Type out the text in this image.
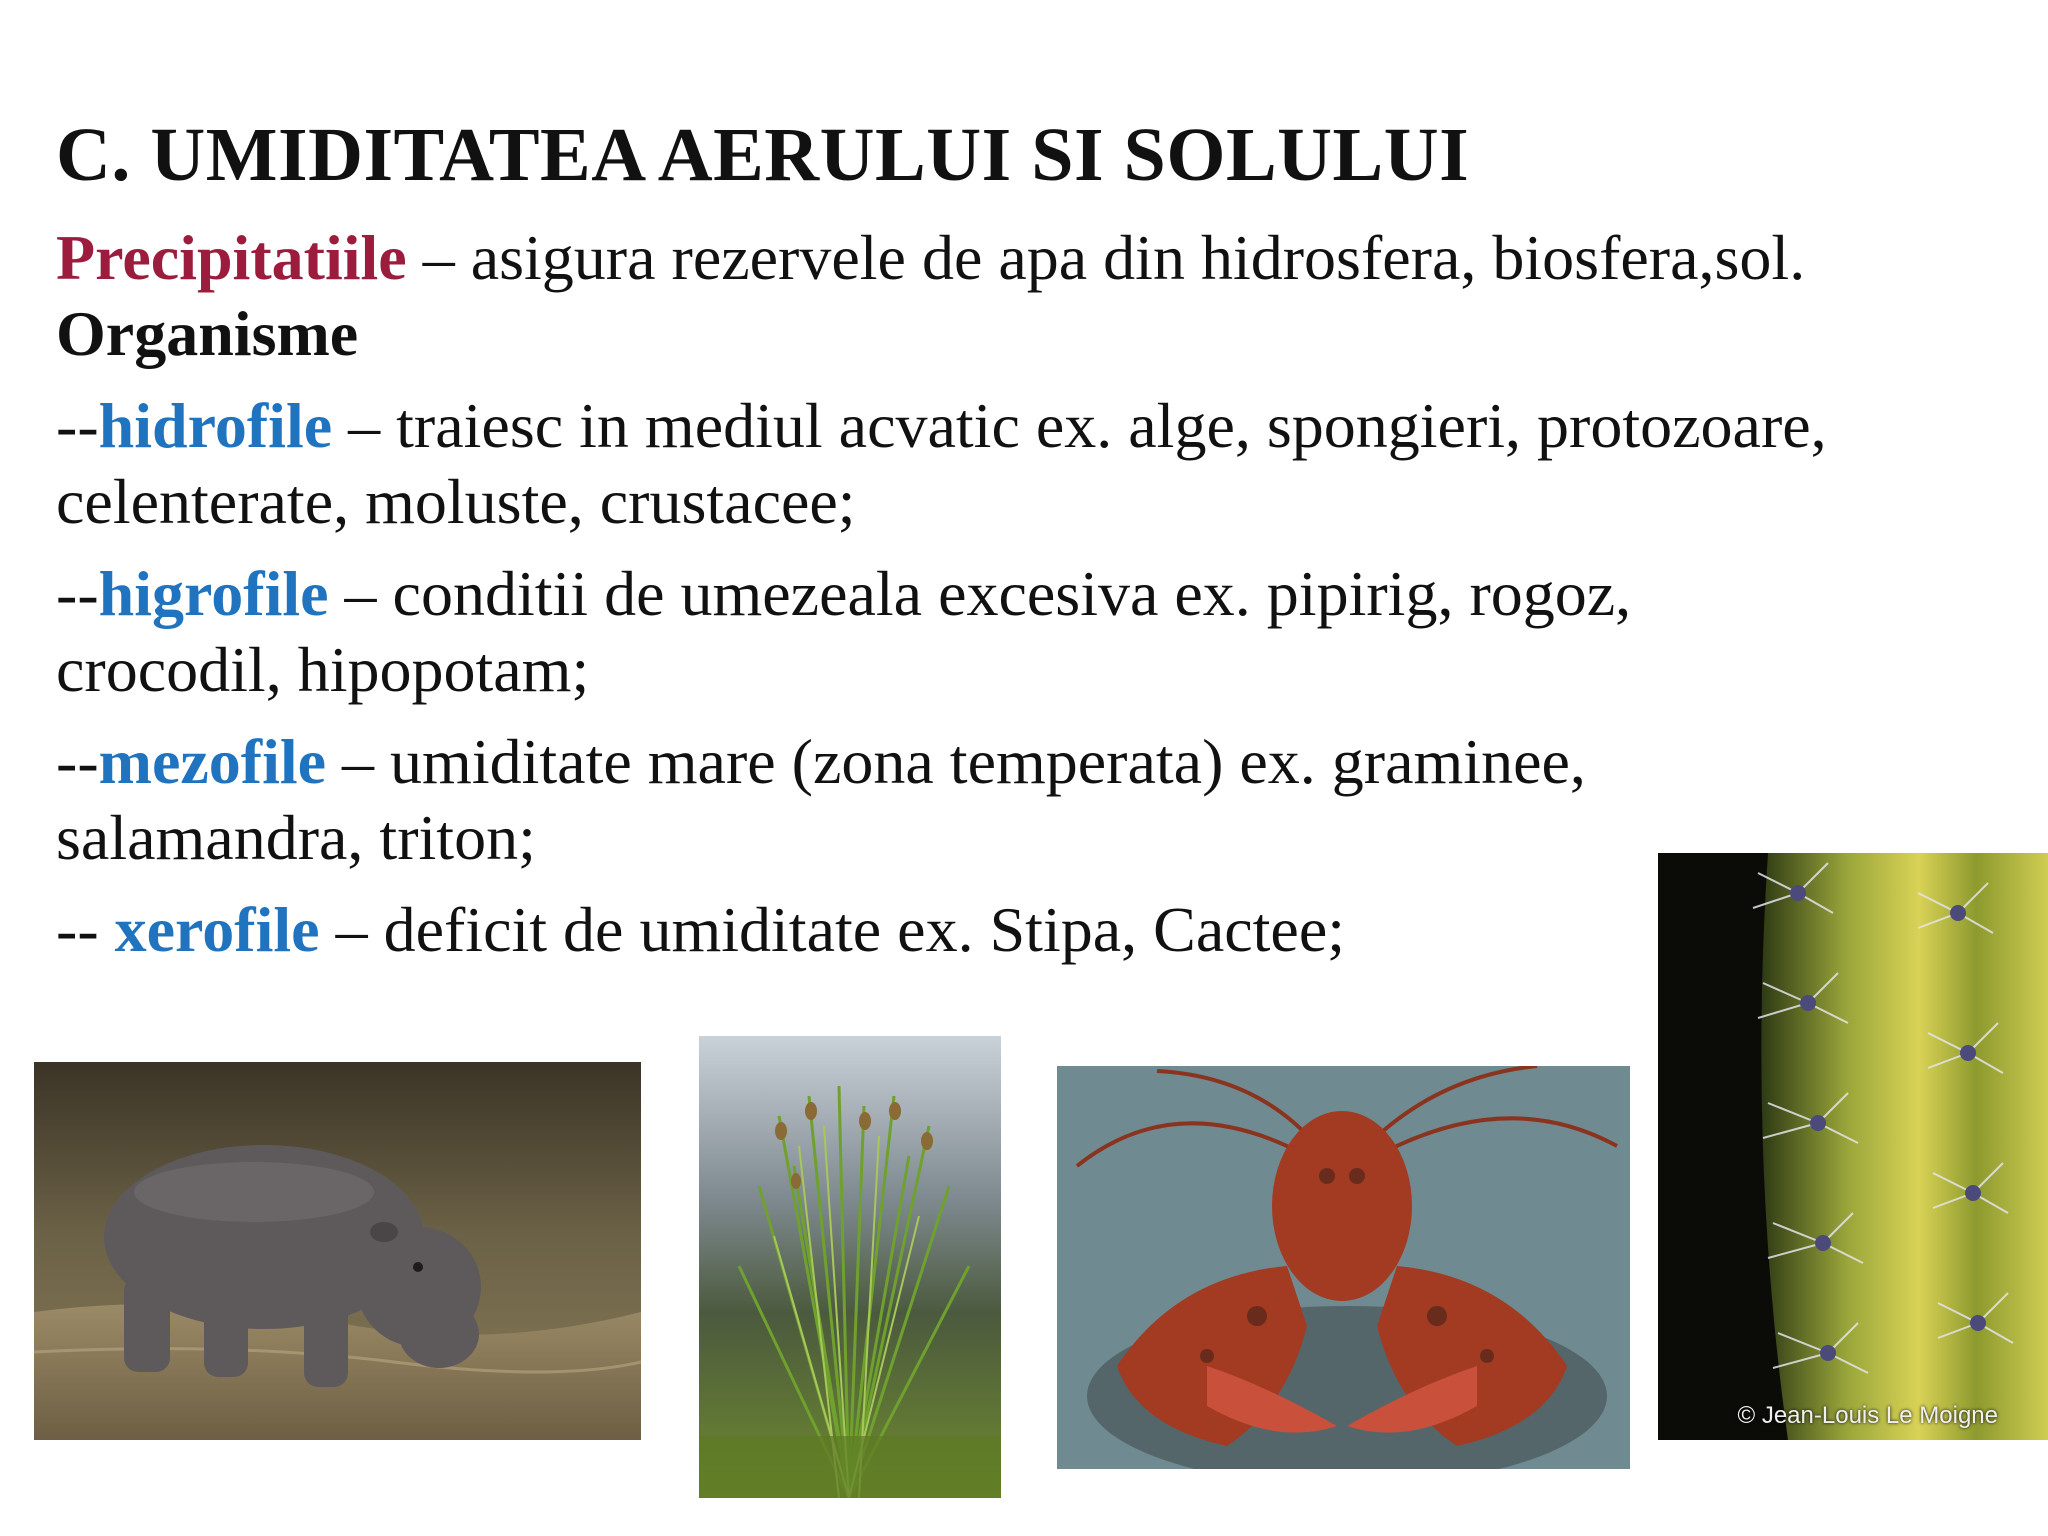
C. UMIDITATEA AERULUI SI SOLULUI
Precipitatiile – asigura rezervele de apa din hidrosfera, biosfera,sol.
Organisme
--hidrofile – traiesc in mediul acvatic ex. alge, spongieri, protozoare,
celenterate, moluste, crustacee;
--higrofile – conditii de umezeala excesiva ex. pipirig, rogoz,
crocodil, hipopotam;
--mezofile – umiditate mare (zona temperata) ex. graminee,
salamandra, triton;
-- xerofile – deficit de umiditate ex. Stipa, Cactee;
© Jean-Louis Le Moigne
